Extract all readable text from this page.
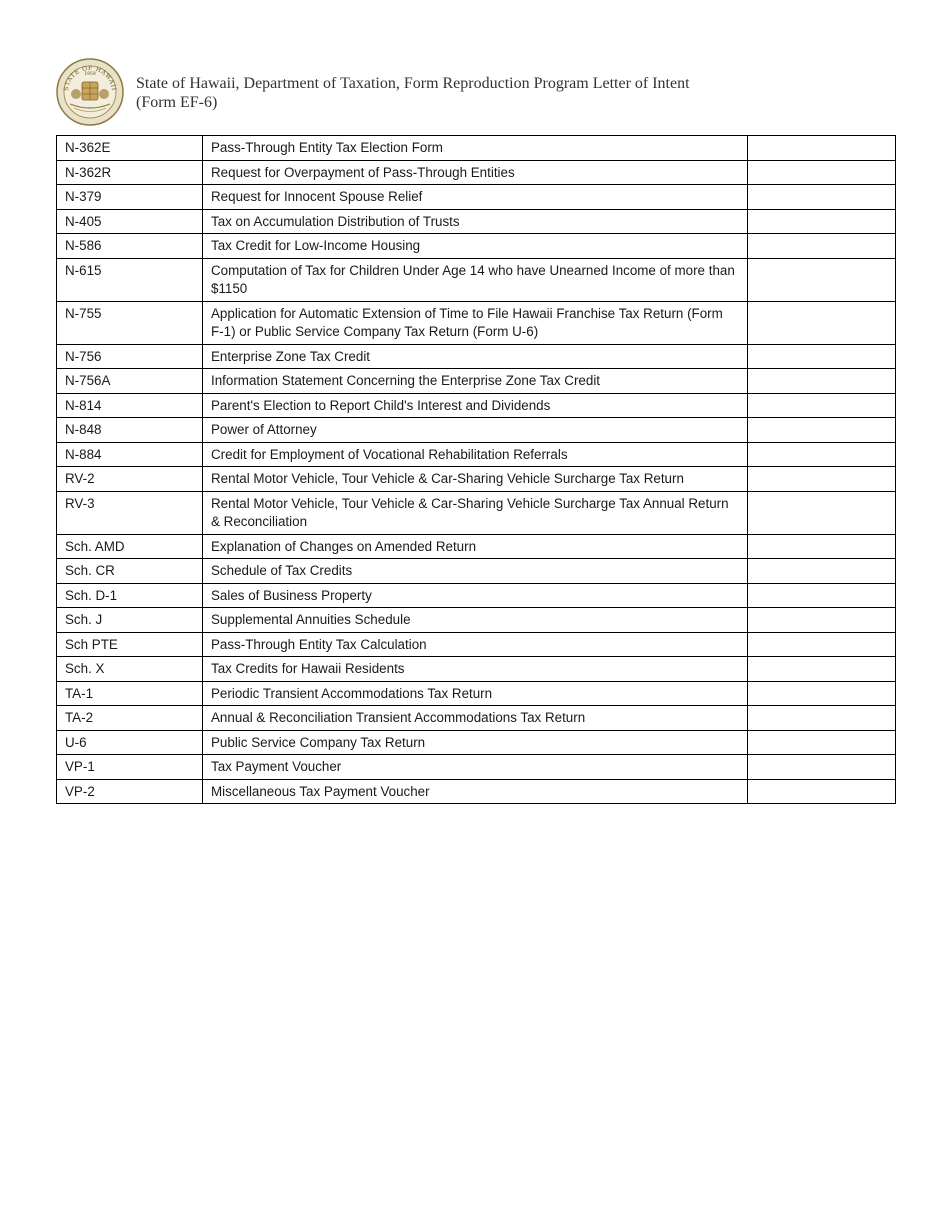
STATE OF HAWAII
1959
State of Hawaii, Department of Taxation, Form Reproduction Program Letter of Intent
(Form EF-6)
N-362E	Pass-Through Entity Tax Election Form	
N-362R	Request for Overpayment of Pass-Through Entities	
N-379	Request for Innocent Spouse Relief	
N-405	Tax on Accumulation Distribution of Trusts	
N-586	Tax Credit for Low-Income Housing	
N-615	Computation of Tax for Children Under Age 14 who have Unearned Income of more than $1150	
N-755	Application for Automatic Extension of Time to File Hawaii Franchise Tax Return (Form F-1) or Public Service Company Tax Return (Form U-6)	
N-756	Enterprise Zone Tax Credit	
N-756A	Information Statement Concerning the Enterprise Zone Tax Credit	
N-814	Parent's Election to Report Child's Interest and Dividends	
N-848	Power of Attorney	
N-884	Credit for Employment of Vocational Rehabilitation Referrals	
RV-2	Rental Motor Vehicle, Tour Vehicle & Car-Sharing Vehicle Surcharge Tax Return	
RV-3	Rental Motor Vehicle, Tour Vehicle & Car-Sharing Vehicle Surcharge Tax Annual Return & Reconciliation	
Sch. AMD	Explanation of Changes on Amended Return	
Sch. CR	Schedule of Tax Credits	
Sch. D-1	Sales of Business Property	
Sch. J	Supplemental Annuities Schedule	
Sch PTE	Pass-Through Entity Tax Calculation	
Sch. X	Tax Credits for Hawaii Residents	
TA-1	Periodic Transient Accommodations Tax Return	
TA-2	Annual & Reconciliation Transient Accommodations Tax Return	
U-6	Public Service Company Tax Return	
VP-1	Tax Payment Voucher	
VP-2	Miscellaneous Tax Payment Voucher	
